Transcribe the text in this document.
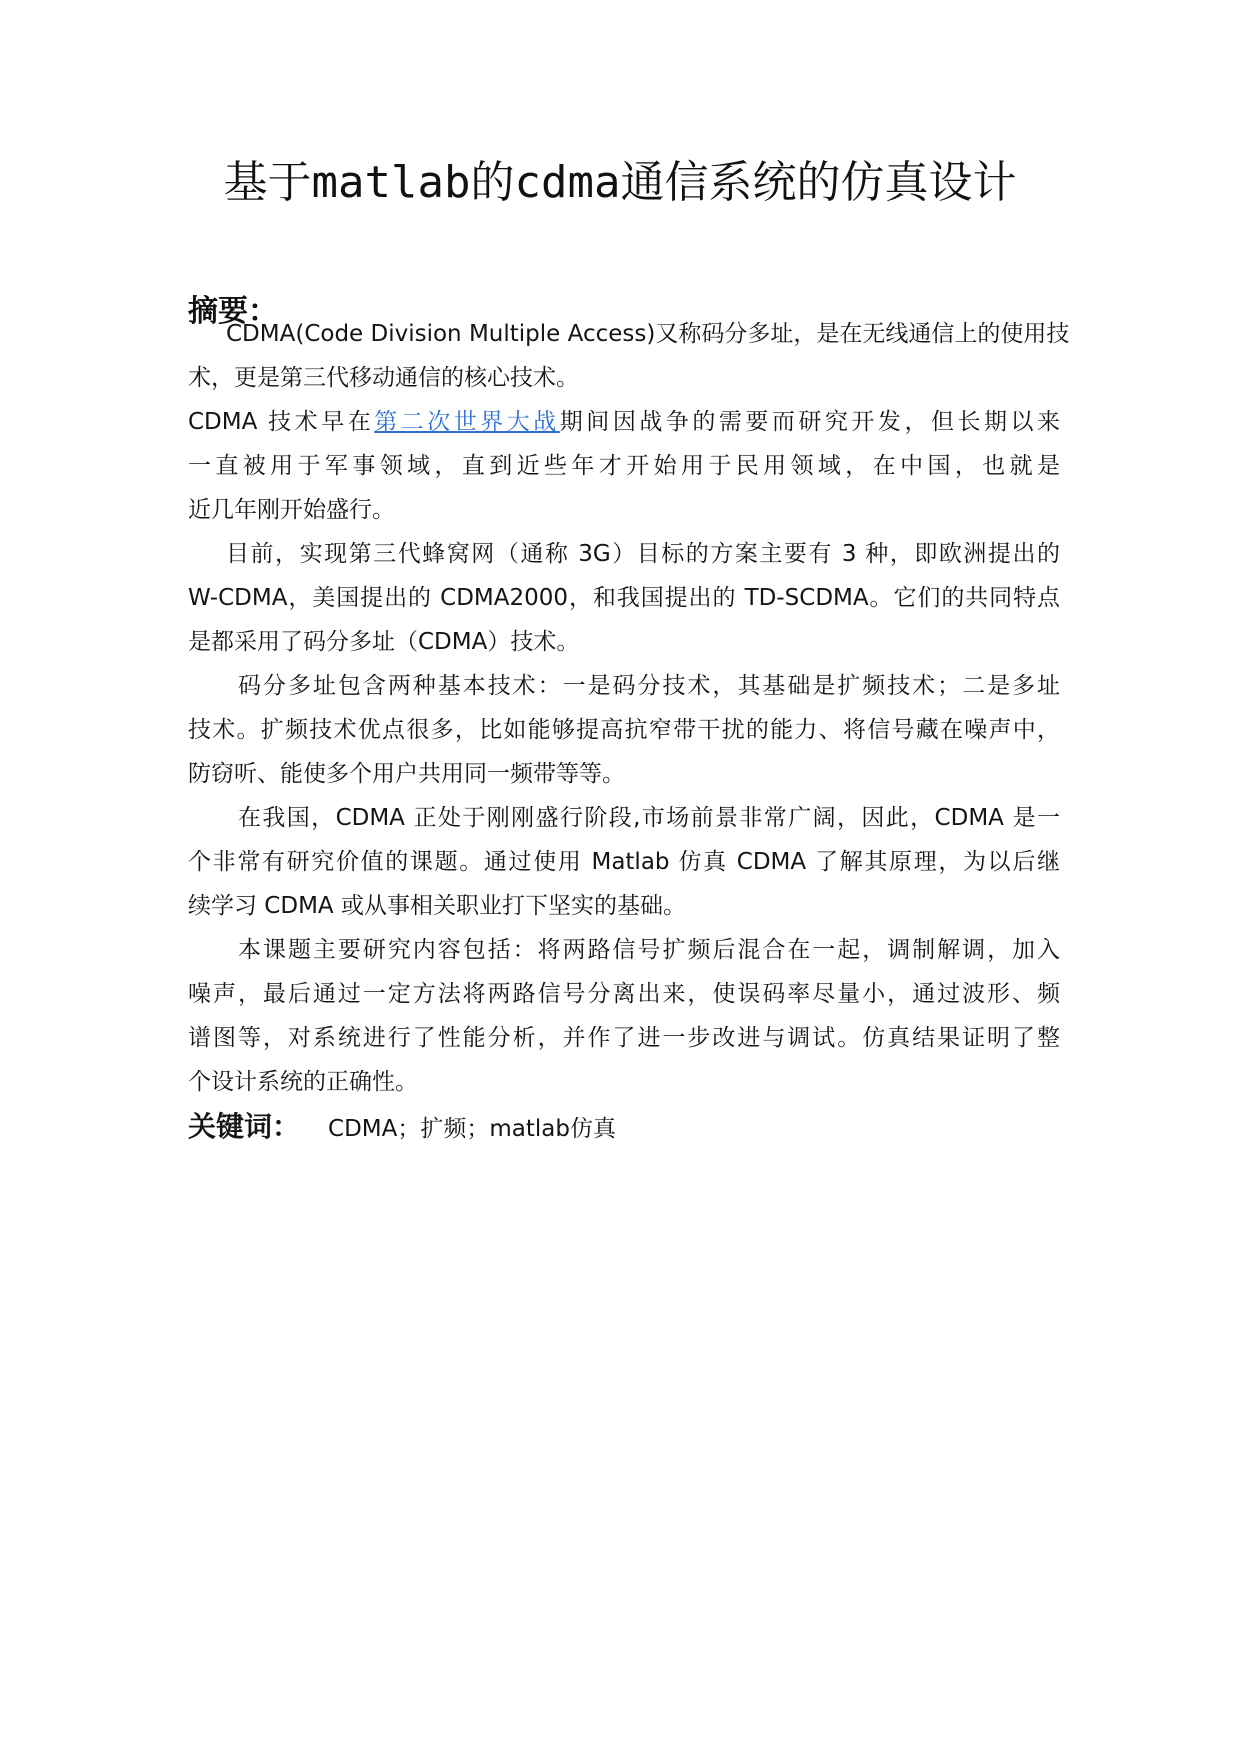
基于matlab的cdma通信系统的仿真设计
摘要：
CDMA(Code Division Multiple Access)又称码分多址，是在无线通信上的使用技
术，更是第三代移动通信的核心技术。
CDMA 技术早在第二次世界大战期间因战争的需要而研究开发，但长期以来
一直被用于军事领域，直到近些年才开始用于民用领域，在中国，也就是
近几年刚开始盛行。
目前，实现第三代蜂窝网（通称 3G）目标的方案主要有 3 种，即欧洲提出的
W-CDMA，美国提出的 CDMA2000，和我国提出的 TD-SCDMA。它们的共同特点
是都采用了码分多址（CDMA）技术。
码分多址包含两种基本技术：一是码分技术，其基础是扩频技术；二是多址
技术。扩频技术优点很多，比如能够提高抗窄带干扰的能力、将信号藏在噪声中，
防窃听、能使多个用户共用同一频带等等。
在我国，CDMA 正处于刚刚盛行阶段,市场前景非常广阔，因此，CDMA 是一
个非常有研究价值的课题。通过使用 Matlab 仿真 CDMA 了解其原理，为以后继
续学习 CDMA 或从事相关职业打下坚实的基础。
本课题主要研究内容包括：将两路信号扩频后混合在一起，调制解调，加入
噪声，最后通过一定方法将两路信号分离出来，使误码率尽量小，通过波形、频
谱图等，对系统进行了性能分析，并作了进一步改进与调试。仿真结果证明了整
个设计系统的正确性。
关键词： CDMA；扩频；matlab仿真
